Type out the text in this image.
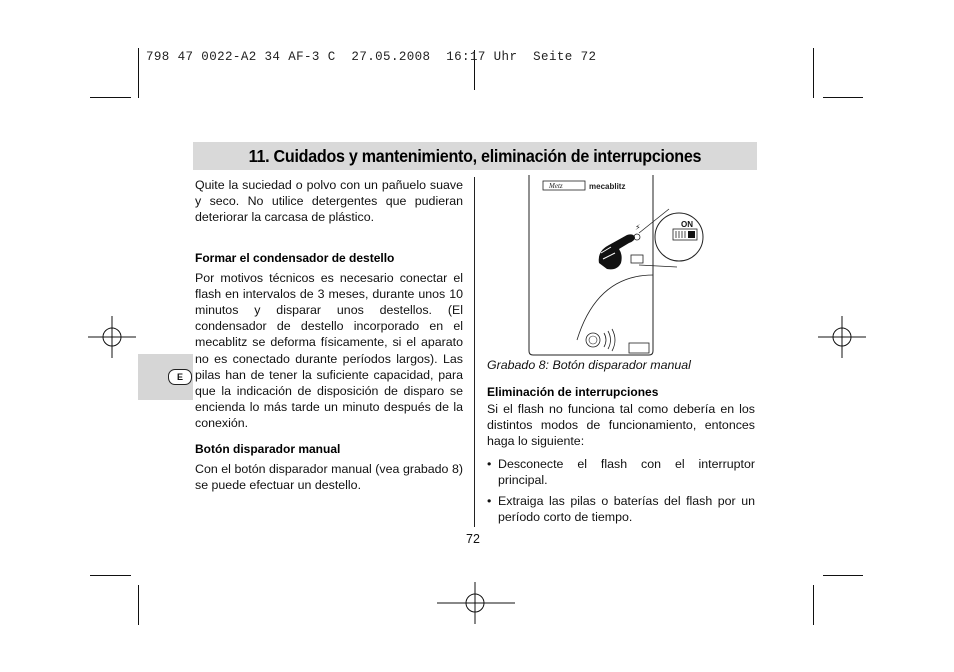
798 47 0022-A2 34 AF-3 C  27.05.2008  16:17 Uhr  Seite 72
11. Cuidados y mantenimiento, eliminación de interrupciones
E

Quite la suciedad o polvo con un pañuelo suave y seco. No utilice detergentes que pudieran deteriorar la carcasa de plástico.

Formar el condensador de destello

Por motivos técnicos es necesario conectar el flash en intervalos de 3 meses, durante unos 10 minutos y disparar unos destellos. (El condensador de destello incorporado en el mecablitz se deforma físicamente, si el aparato no es conectado durante períodos largos). Las pilas han de tener la suficiente capacidad, para que la indicación de disposición de disparo se encienda lo más tarde un minuto después de la conexión.

Botón disparador manual

Con el botón disparador manual (vea grabado 8) se puede efectuar un destello.

Metz	mecablitz
⚡	ON
Grabado 8: Botón disparador manual
Eliminación de interrupciones

Si el flash no funciona tal como debería en los distintos modos de funcionamiento, entonces haga lo siguiente:

• Desconecte el flash con el interruptor principal.
• Extraiga las pilas o baterías del flash por un período corto de tiempo.
72
